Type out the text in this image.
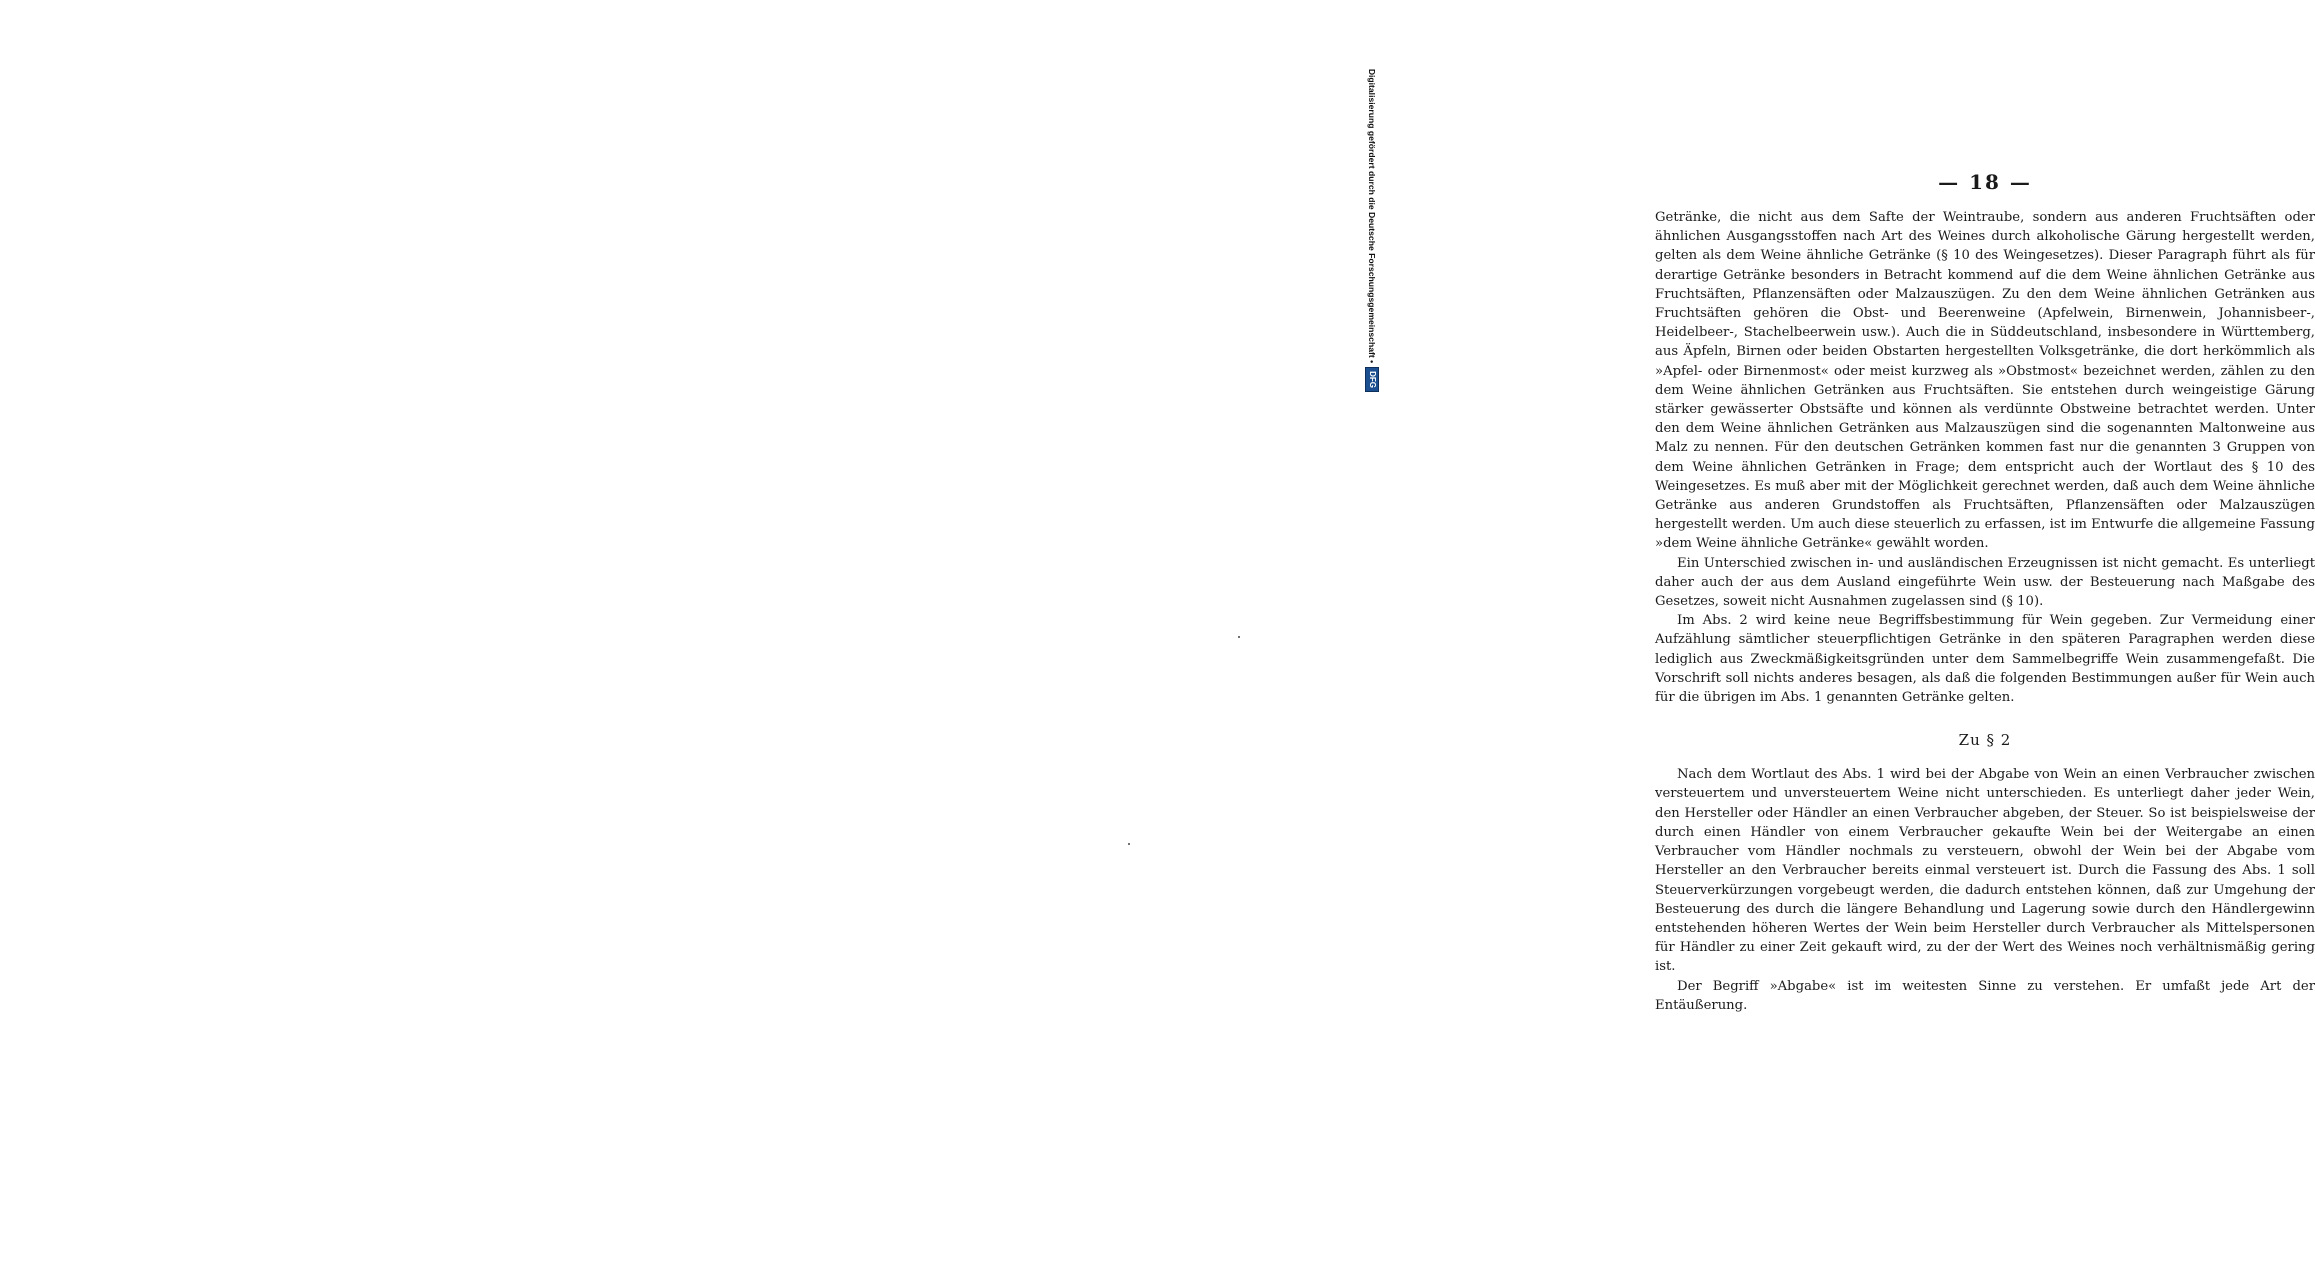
— 18 —

Getränke, die nicht aus dem Safte der Weintraube, sondern aus anderen Fruchtsäften oder ähnlichen Ausgangsstoffen nach Art des Weines durch alkoholische Gärung hergestellt werden, gelten als dem Weine ähnliche Getränke (§ 10 des Weingesetzes). Dieser Paragraph führt als für derartige Getränke besonders in Betracht kommend auf die dem Weine ähnlichen Getränke aus Fruchtsäften, Pflanzensäften oder Malzauszügen. Zu den dem Weine ähnlichen Getränken aus Fruchtsäften gehören die Obst- und Beerenweine (Apfelwein, Birnenwein, Johannisbeer-, Heidelbeer-, Stachelbeerwein usw.). Auch die in Süddeutschland, insbesondere in Württemberg, aus Äpfeln, Birnen oder beiden Obstarten hergestellten Volksgetränke, die dort herkömmlich als »Apfel- oder Birnenmost« oder meist kurzweg als »Obstmost« bezeichnet werden, zählen zu den dem Weine ähnlichen Getränken aus Fruchtsäften. Sie entstehen durch weingeistige Gärung stärker gewässerter Obstsäfte und können als verdünnte Obstweine betrachtet werden. Unter den dem Weine ähnlichen Getränken aus Malzauszügen sind die sogenannten Maltonweine aus Malz zu nennen. Für den deutschen Getränken kommen fast nur die genannten 3 Gruppen von dem Weine ähnlichen Getränken in Frage; dem entspricht auch der Wortlaut des § 10 des Weingesetzes. Es muß aber mit der Möglichkeit gerechnet werden, daß auch dem Weine ähnliche Getränke aus anderen Grundstoffen als Fruchtsäften, Pflanzensäften oder Malzauszügen hergestellt werden. Um auch diese steuerlich zu erfassen, ist im Entwurfe die allgemeine Fassung »dem Weine ähnliche Getränke« gewählt worden.

Ein Unterschied zwischen in- und ausländischen Erzeugnissen ist nicht gemacht. Es unterliegt daher auch der aus dem Ausland eingeführte Wein usw. der Besteuerung nach Maßgabe des Gesetzes, soweit nicht Ausnahmen zugelassen sind (§ 10).

Im Abs. 2 wird keine neue Begriffsbestimmung für Wein gegeben. Zur Vermeidung einer Aufzählung sämtlicher steuerpflichtigen Getränke in den späteren Paragraphen werden diese lediglich aus Zweckmäßigkeitsgründen unter dem Sammelbegriffe Wein zusammengefaßt. Die Vorschrift soll nichts anderes besagen, als daß die folgenden Bestimmungen außer für Wein auch für die übrigen im Abs. 1 genannten Getränke gelten.

Zu § 2

Nach dem Wortlaut des Abs. 1 wird bei der Abgabe von Wein an einen Verbraucher zwischen versteuertem und unversteuertem Weine nicht unterschieden. Es unterliegt daher jeder Wein, den Hersteller oder Händler an einen Verbraucher abgeben, der Steuer. So ist beispielsweise der durch einen Händler von einem Verbraucher gekaufte Wein bei der Weitergabe an einen Verbraucher vom Händler nochmals zu versteuern, obwohl der Wein bei der Abgabe vom Hersteller an den Verbraucher bereits einmal versteuert ist. Durch die Fassung des Abs. 1 soll Steuerverkürzungen vorgebeugt werden, die dadurch entstehen können, daß zur Umgehung der Besteuerung des durch die längere Behandlung und Lagerung sowie durch den Händlergewinn entstehenden höheren Wertes der Wein beim Hersteller durch Verbraucher als Mittelspersonen für Händler zu einer Zeit gekauft wird, zu der der Wert des Weines noch verhältnismäßig gering ist.

Der Begriff »Abgabe« ist im weitesten Sinne zu verstehen. Er umfaßt jede Art der Entäußerung.

Digitalisierung gefördert durch die Deutsche Forschungsgemeinschaft •
DFG
